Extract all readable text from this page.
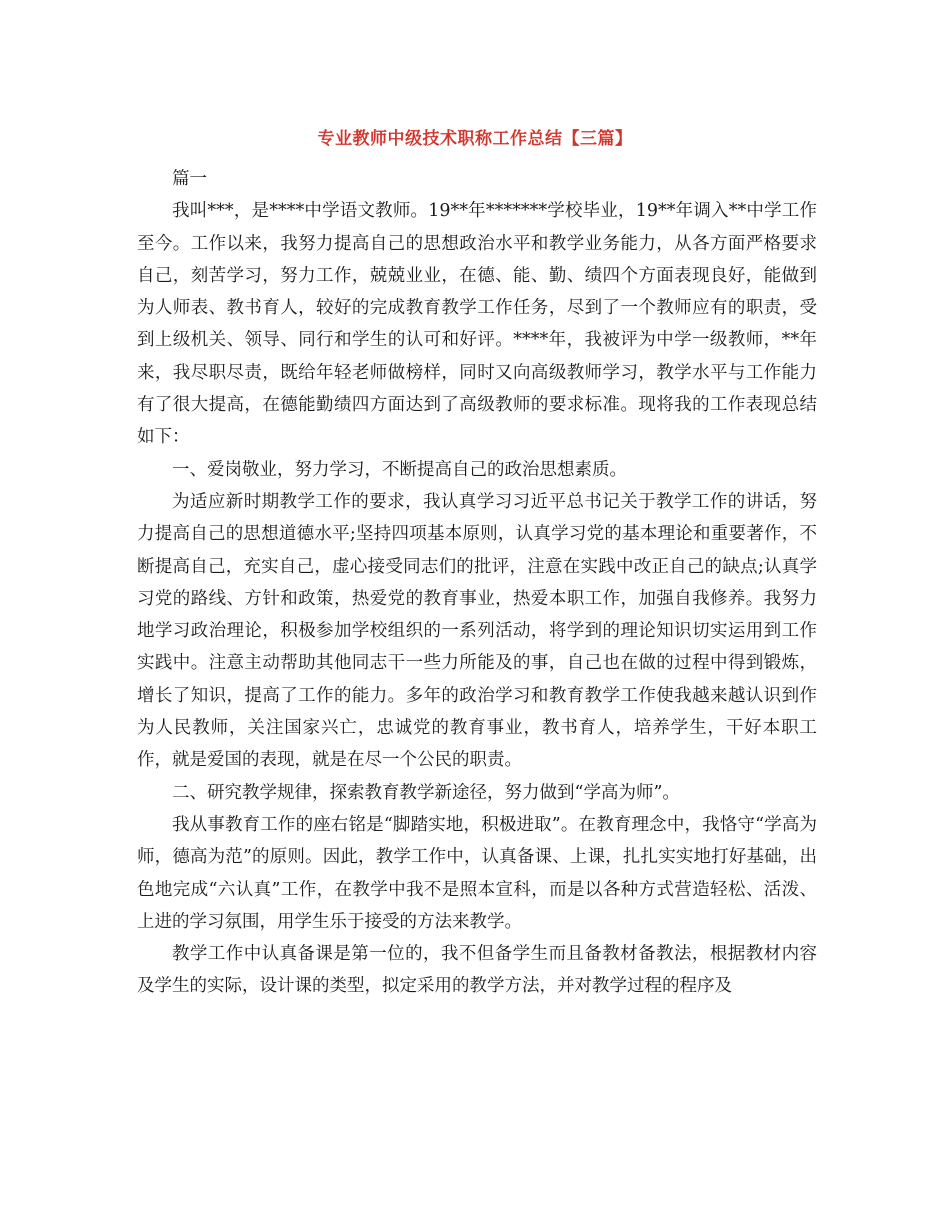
专业教师中级技术职称工作总结【三篇】

篇一

我叫***，是****中学语文教师。19**年*******学校毕业，19**年调入**中学工作至今。工作以来，我努力提高自己的思想政治水平和教学业务能力，从各方面严格要求自己，刻苦学习，努力工作，兢兢业业，在德、能、勤、绩四个方面表现良好，能做到为人师表、教书育人，较好的完成教育教学工作任务，尽到了一个教师应有的职责，受到上级机关、领导、同行和学生的认可和好评。****年，我被评为中学一级教师，**年来，我尽职尽责，既给年轻老师做榜样，同时又向高级教师学习，教学水平与工作能力有了很大提高，在德能勤绩四方面达到了高级教师的要求标准。现将我的工作表现总结如下：

一、爱岗敬业，努力学习，不断提高自己的政治思想素质。

为适应新时期教学工作的要求，我认真学习习近平总书记关于教学工作的讲话，努力提高自己的思想道德水平;坚持四项基本原则，认真学习党的基本理论和重要著作，不断提高自己，充实自己，虚心接受同志们的批评，注意在实践中改正自己的缺点;认真学习党的路线、方针和政策，热爱党的教育事业，热爱本职工作，加强自我修养。我努力地学习政治理论，积极参加学校组织的一系列活动，将学到的理论知识切实运用到工作实践中。注意主动帮助其他同志干一些力所能及的事，自己也在做的过程中得到锻炼，增长了知识，提高了工作的能力。多年的政治学习和教育教学工作使我越来越认识到作为人民教师，关注国家兴亡，忠诚党的教育事业，教书育人，培养学生，干好本职工作，就是爱国的表现，就是在尽一个公民的职责。

二、研究教学规律，探索教育教学新途径，努力做到“学高为师”。

我从事教育工作的座右铭是“脚踏实地，积极进取”。在教育理念中，我恪守“学高为师，德高为范”的原则。因此，教学工作中，认真备课、上课，扎扎实实地打好基础，出色地完成“六认真”工作，在教学中我不是照本宣科，而是以各种方式营造轻松、活泼、上进的学习氛围，用学生乐于接受的方法来教学。

教学工作中认真备课是第一位的，我不但备学生而且备教材备教法，根据教材内容及学生的实际，设计课的类型，拟定采用的教学方法，并对教学过程的程序及
